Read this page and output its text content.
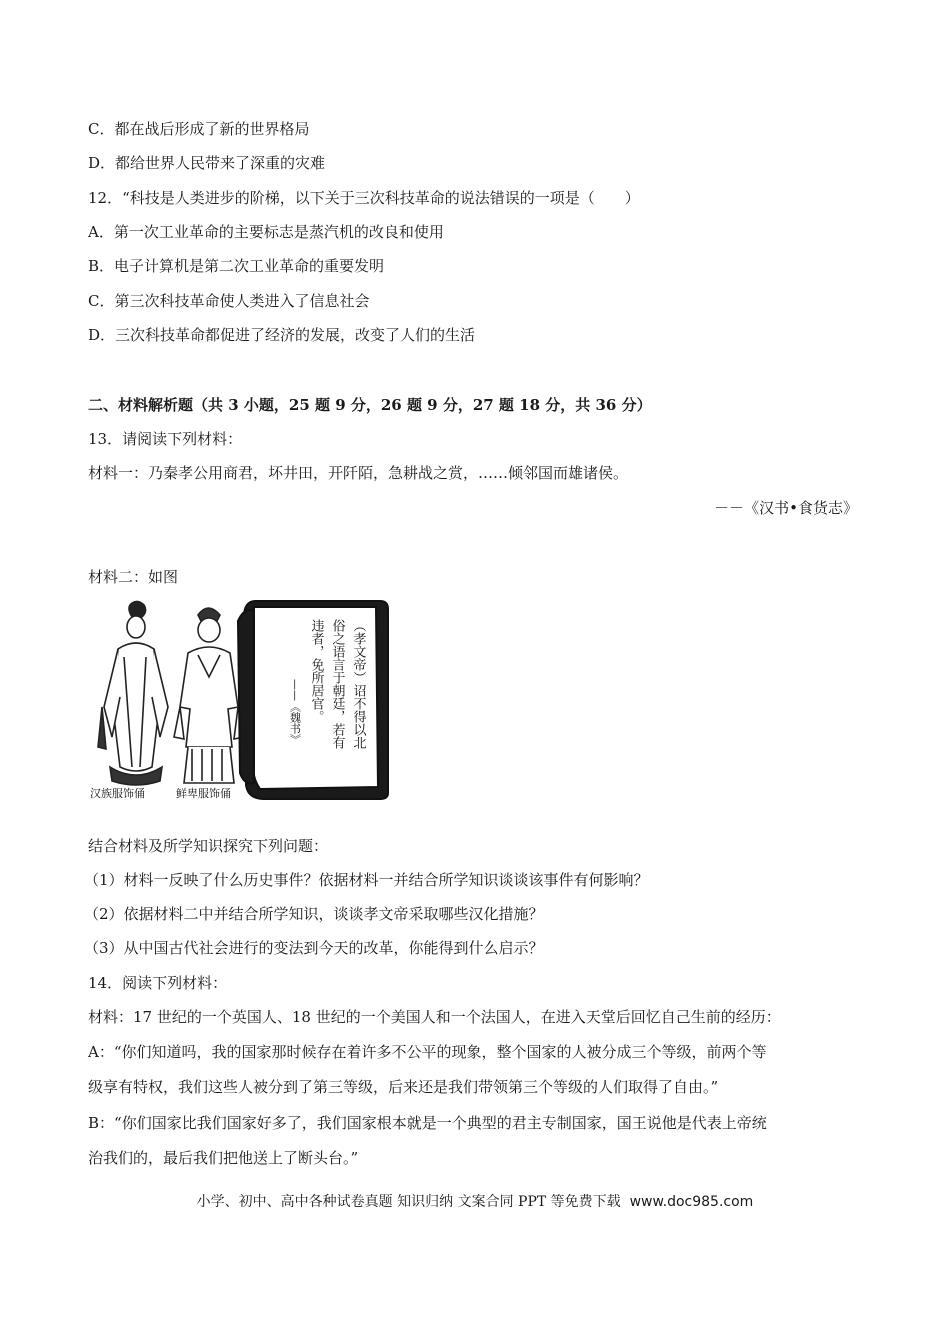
C．都在战后形成了新的世界格局
D．都给世界人民带来了深重的灾难
12．“科技是人类进步的阶梯，以下关于三次科技革命的说法错误的一项是（　　）
A．第一次工业革命的主要标志是蒸汽机的改良和使用
B．电子计算机是第二次工业革命的重要发明
C．第三次科技革命使人类进入了信息社会
D．三次科技革命都促进了经济的发展，改变了人们的生活
二、材料解析题（共 3 小题，25 题 9 分，26 题 9 分，27 题 18 分，共 36 分）
13．请阅读下列材料：
材料一：乃秦孝公用商君，坏井田，开阡陌，急耕战之赏，……倾邻国而雄诸侯。
－－《汉书•食货志》
材料二：如图
汉族服饰俑	鲜卑服饰俑
（孝文帝）诏不得以北
俗之语言于朝廷，若有
违者，免所居官。
——《魏书》
结合材料及所学知识探究下列问题：
（1）材料一反映了什么历史事件？依据材料一并结合所学知识谈谈该事件有何影响？
（2）依据材料二中并结合所学知识，谈谈孝文帝采取哪些汉化措施？
（3）从中国古代社会进行的变法到今天的改革，你能得到什么启示？
14．阅读下列材料：
材料：17 世纪的一个英国人、18 世纪的一个美国人和一个法国人，在进入天堂后回忆自己生前的经历：
A：“你们知道吗，我的国家那时候存在着许多不公平的现象，整个国家的人被分成三个等级，前两个等
级享有特权，我们这些人被分到了第三等级，后来还是我们带领第三个等级的人们取得了自由。”
B：“你们国家比我们国家好多了，我们国家根本就是一个典型的君主专制国家，国王说他是代表上帝统
治我们的，最后我们把他送上了断头台。”
小学、初中、高中各种试卷真题 知识归纳 文案合同 PPT 等免费下载 www.doc985.com
